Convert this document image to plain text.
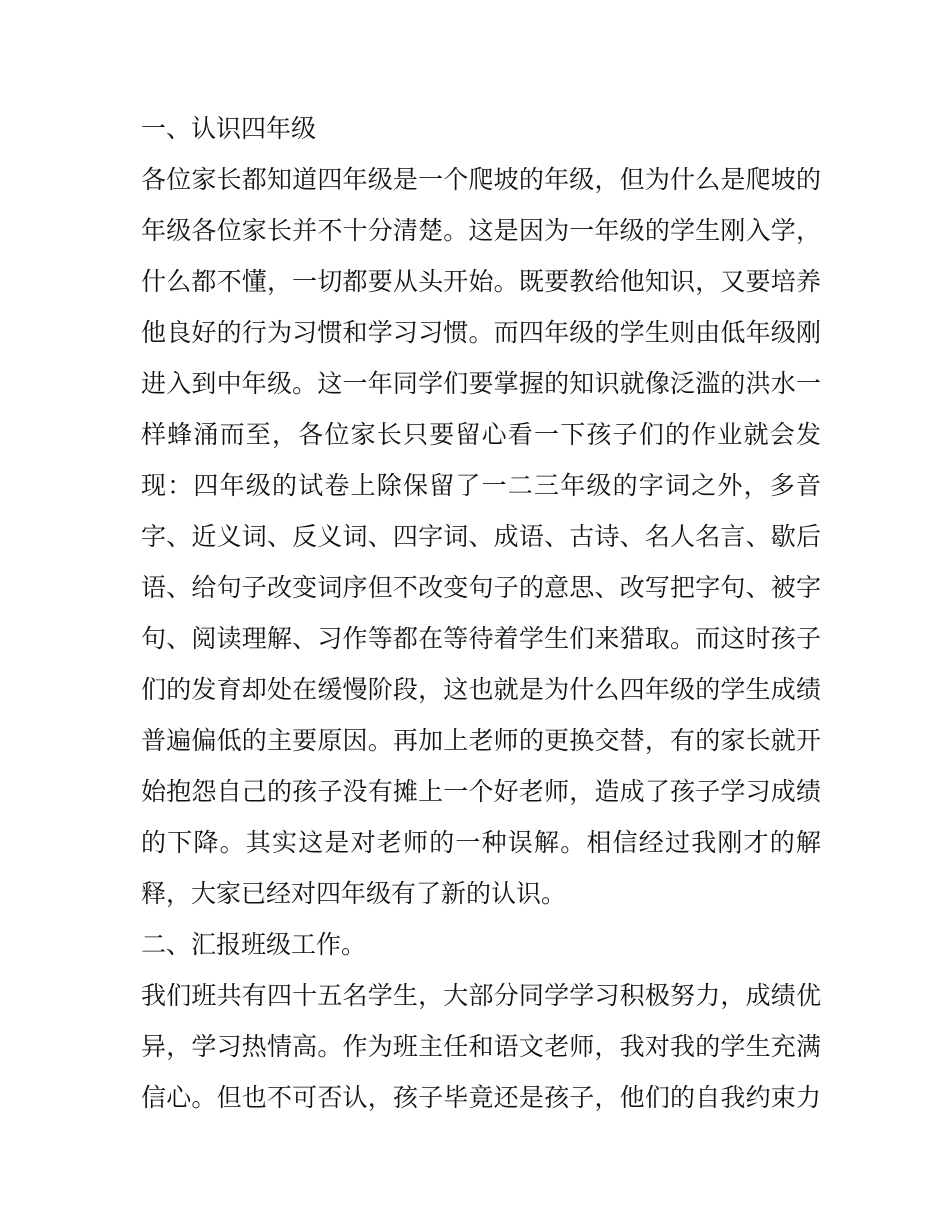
一、认识四年级
各位家长都知道四年级是一个爬坡的年级，但为什么是爬坡的
年级各位家长并不十分清楚。这是因为一年级的学生刚入学，
什么都不懂，一切都要从头开始。既要教给他知识，又要培养
他良好的行为习惯和学习习惯。而四年级的学生则由低年级刚
进入到中年级。这一年同学们要掌握的知识就像泛滥的洪水一
样蜂涌而至，各位家长只要留心看一下孩子们的作业就会发
现：四年级的试卷上除保留了一二三年级的字词之外，多音
字、近义词、反义词、四字词、成语、古诗、名人名言、歇后
语、给句子改变词序但不改变句子的意思、改写把字句、被字
句、阅读理解、习作等都在等待着学生们来猎取。而这时孩子
们的发育却处在缓慢阶段，这也就是为什么四年级的学生成绩
普遍偏低的主要原因。再加上老师的更换交替，有的家长就开
始抱怨自己的孩子没有摊上一个好老师，造成了孩子学习成绩
的下降。其实这是对老师的一种误解。相信经过我刚才的解
释，大家已经对四年级有了新的认识。
二、汇报班级工作。
我们班共有四十五名学生，大部分同学学习积极努力，成绩优
异，学习热情高。作为班主任和语文老师，我对我的学生充满
信心。但也不可否认，孩子毕竟还是孩子，他们的自我约束力
